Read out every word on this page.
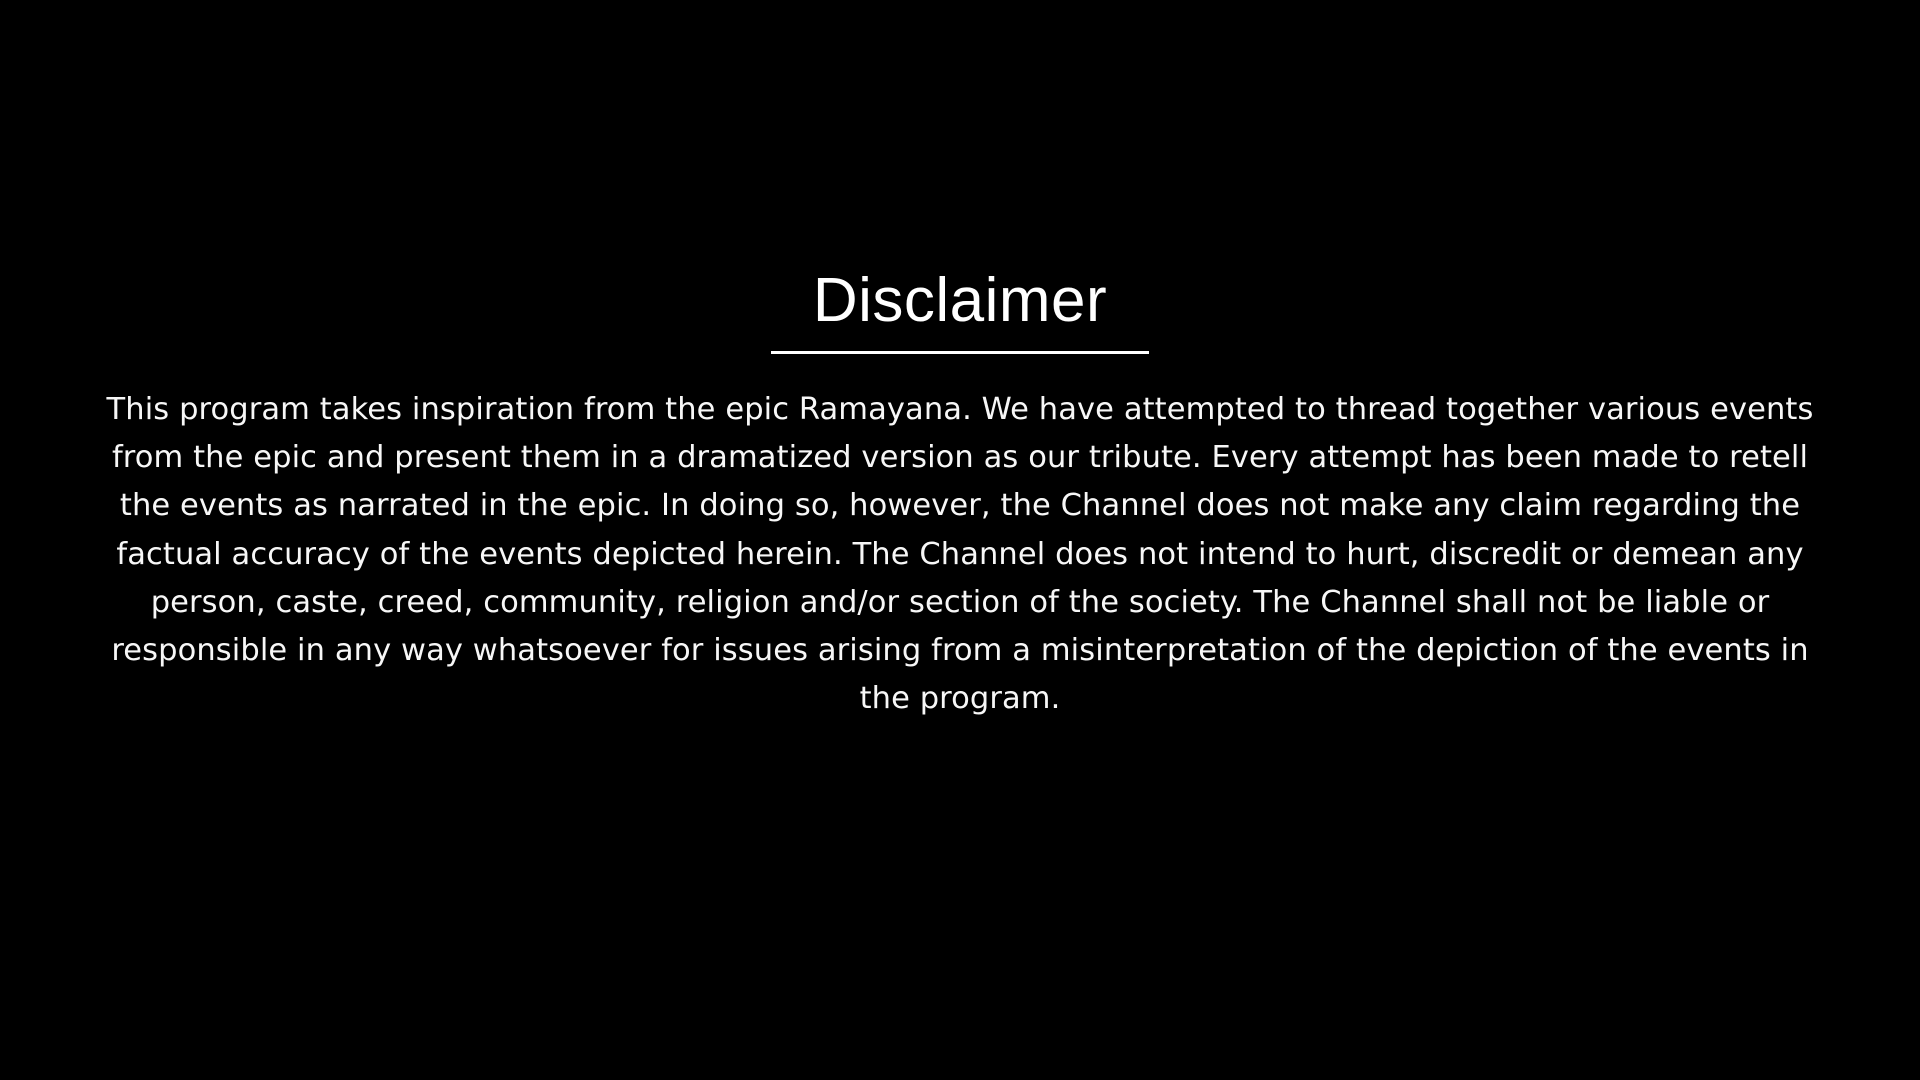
Disclaimer

This program takes inspiration from the epic Ramayana. We have attempted to thread together various events from the epic and present them in a dramatized version as our tribute. Every attempt has been made to retell the events as narrated in the epic. In doing so, however, the Channel does not make any claim regarding the factual accuracy of the events depicted herein. The Channel does not intend to hurt, discredit or demean any person, caste, creed, community, religion and/or section of the society. The Channel shall not be liable or responsible in any way whatsoever for issues arising from a misinterpretation of the depiction of the events in the program.
